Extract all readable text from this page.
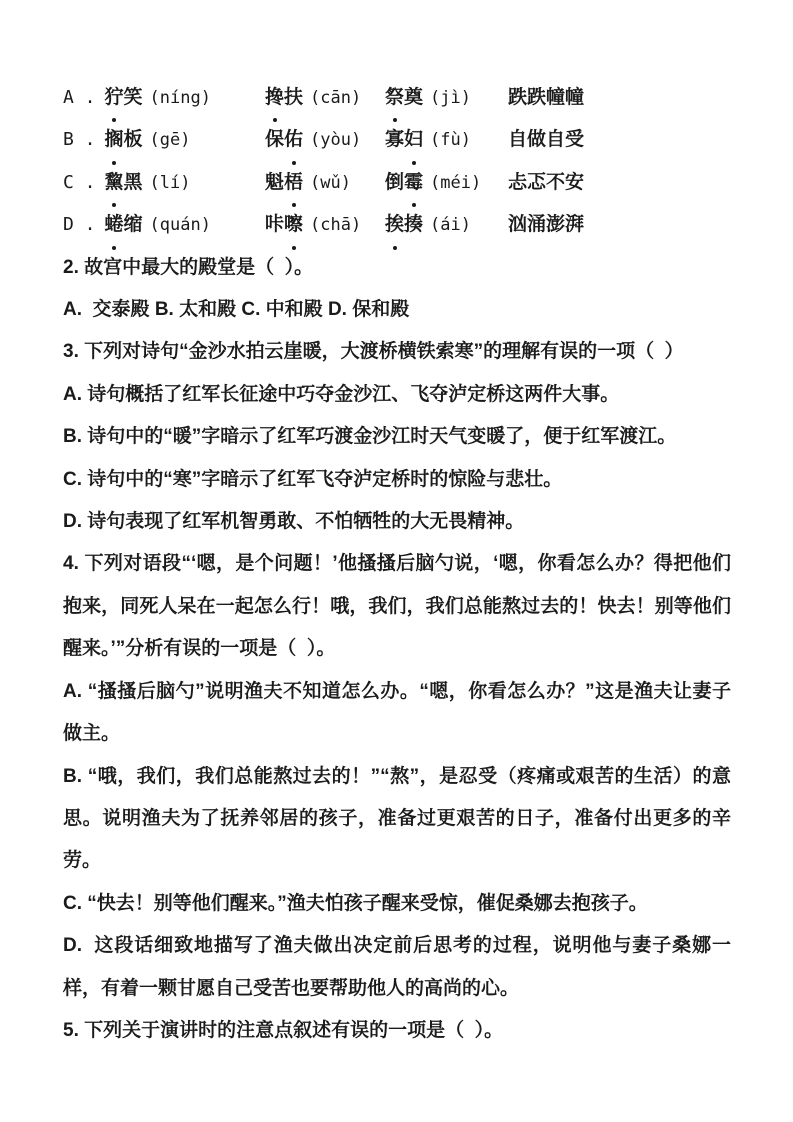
A . 狞笑 (níng)	搀扶 (cān)	祭奠 (jì)	跌跌幢幢
B . 搁板 (gē)	保佑 (yòu)	寡妇 (fù)	自做自受
C . 黧黑 (lí)	魁梧 (wǔ)	倒霉 (méi)	忐忑不安
D . 蜷缩 (quán)	咔嚓 (chā)	挨揍 (ái)	汹涌澎湃

2. 故宫中最大的殿堂是（  ）。

A.  交泰殿 B. 太和殿 C. 中和殿 D. 保和殿

3. 下列对诗句“金沙水拍云崖暖，大渡桥横铁索寒”的理解有误的一项（  ）

A. 诗句概括了红军长征途中巧夺金沙江、飞夺泸定桥这两件大事。

B. 诗句中的“暖”字暗示了红军巧渡金沙江时天气变暖了，便于红军渡江。

C. 诗句中的“寒”字暗示了红军飞夺泸定桥时的惊险与悲壮。

D. 诗句表现了红军机智勇敢、不怕牺牲的大无畏精神。

4. 下列对语段“‘嗯，是个问题！’他搔搔后脑勺说，‘嗯，你看怎么办？得把他们抱来，同死人呆在一起怎么行！哦，我们，我们总能熬过去的！快去！别等他们醒来。’”分析有误的一项是（  ）。

A. “搔搔后脑勺”说明渔夫不知道怎么办。“嗯，你看怎么办？”这是渔夫让妻子做主。

B. “哦，我们，我们总能熬过去的！”“熬”，是忍受（疼痛或艰苦的生活）的意思。说明渔夫为了抚养邻居的孩子，准备过更艰苦的日子，准备付出更多的辛劳。

C. “快去！别等他们醒来。”渔夫怕孩子醒来受惊，催促桑娜去抱孩子。

D.  这段话细致地描写了渔夫做出决定前后思考的过程，说明他与妻子桑娜一样，有着一颗甘愿自己受苦也要帮助他人的高尚的心。

5. 下列关于演讲时的注意点叙述有误的一项是（  ）。
